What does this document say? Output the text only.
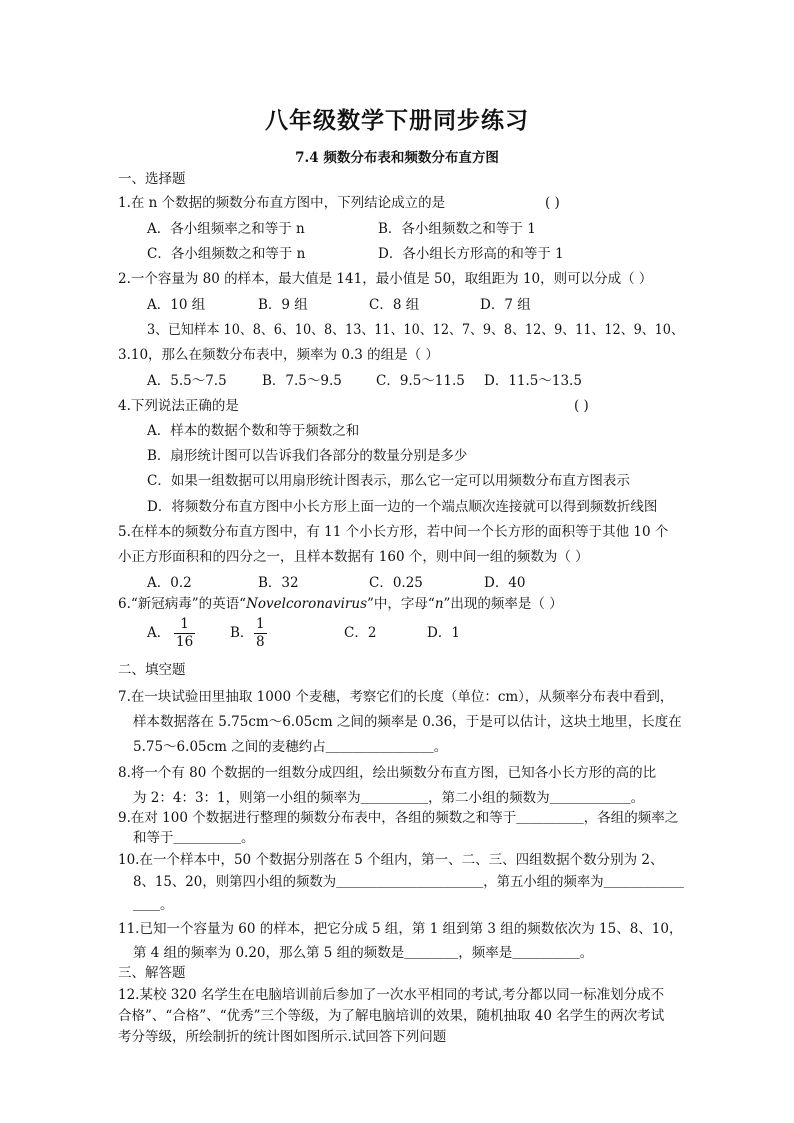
八年级数学下册同步练习
7.4 频数分布表和频数分布直方图
一、选择题
1.在 n 个数据的频数分布直方图中，下列结论成立的是	( )
A．各小组频率之和等于 n	B．各小组频数之和等于 1
C．各小组频数之和等于 n	D．各小组长方形高的和等于 1
2.一个容量为 80 的样本，最大值是 141，最小值是 50，取组距为 10，则可以分成（ ）
A．10 组	B．9 组	C．8 组	D．7 组
3、已知样本 10、8、6、10、8、13、11、10、12、7、9、8、12、9、11、12、9、10、
3.10，那么在频数分布表中，频率为 0.3 的组是（ ）
A．5.5～7.5	B．7.5～9.5	C．9.5～11.5 D．11.5～13.5
4.下列说法正确的是	( )
A．样本的数据个数和等于频数之和
B．扇形统计图可以告诉我们各部分的数量分别是多少
C．如果一组数据可以用扇形统计图表示，那么它一定可以用频数分布直方图表示
D．将频数分布直方图中小长方形上面一边的一个端点顺次连接就可以得到频数折线图
5.在样本的频数分布直方图中，有 11 个小长方形，若中间一个长方形的面积等于其他 10 个
小正方形面积和的四分之一，且样本数据有 160 个，则中间一组的频数为（ ）
A．0.2	B．32	C．0.25	D．40
6.“新冠病毒”的英语“Novelcoronavirus”中，字母“n”出现的频率是（ ）
A． $\frac{1}{16}$	B． $\frac{1}{8}$	C．2	D．1
二、填空题
7.在一块试验田里抽取 1000 个麦穗，考察它们的长度（单位：cm），从频率分布表中看到，
样本数据落在 5.75cm～6.05cm 之间的频率是 0.36，于是可以估计，这块土地里，长度在
5.75～6.05cm 之间的麦穗约占＿＿＿＿＿＿＿＿。
8.将一个有 80 个数据的一组数分成四组，绘出频数分布直方图，已知各小长方形的高的比
为 2：4：3：1，则第一小组的频率为＿＿＿＿＿，第二小组的频数为＿＿＿＿＿＿。
9.在对 100 个数据进行整理的频数分布表中，各组的频数之和等于＿＿＿＿＿，各组的频率之
和等于＿＿＿＿＿。
10.在一个样本中，50 个数据分别落在 5 个组内，第一、二、三、四组数据个数分别为 2、
8、15、20，则第四小组的频数为＿＿＿＿＿＿＿＿＿＿＿，第五小组的频率为＿＿＿＿＿＿
＿＿。
11.已知一个容量为 60 的样本，把它分成 5 组，第 1 组到第 3 组的频数依次为 15、8、10，
第 4 组的频率为 0.20，那么第 5 组的频数是＿＿＿＿，频率是＿＿＿＿＿。
三、解答题
12.某校 320 名学生在电脑培训前后参加了一次水平相同的考试,考分都以同一标准划分成不
合格”、“合格”、“优秀”三个等级，为了解电脑培训的效果，随机抽取 40 名学生的两次考试
考分等级，所绘制折的统计图如图所示.试回答下列问题
